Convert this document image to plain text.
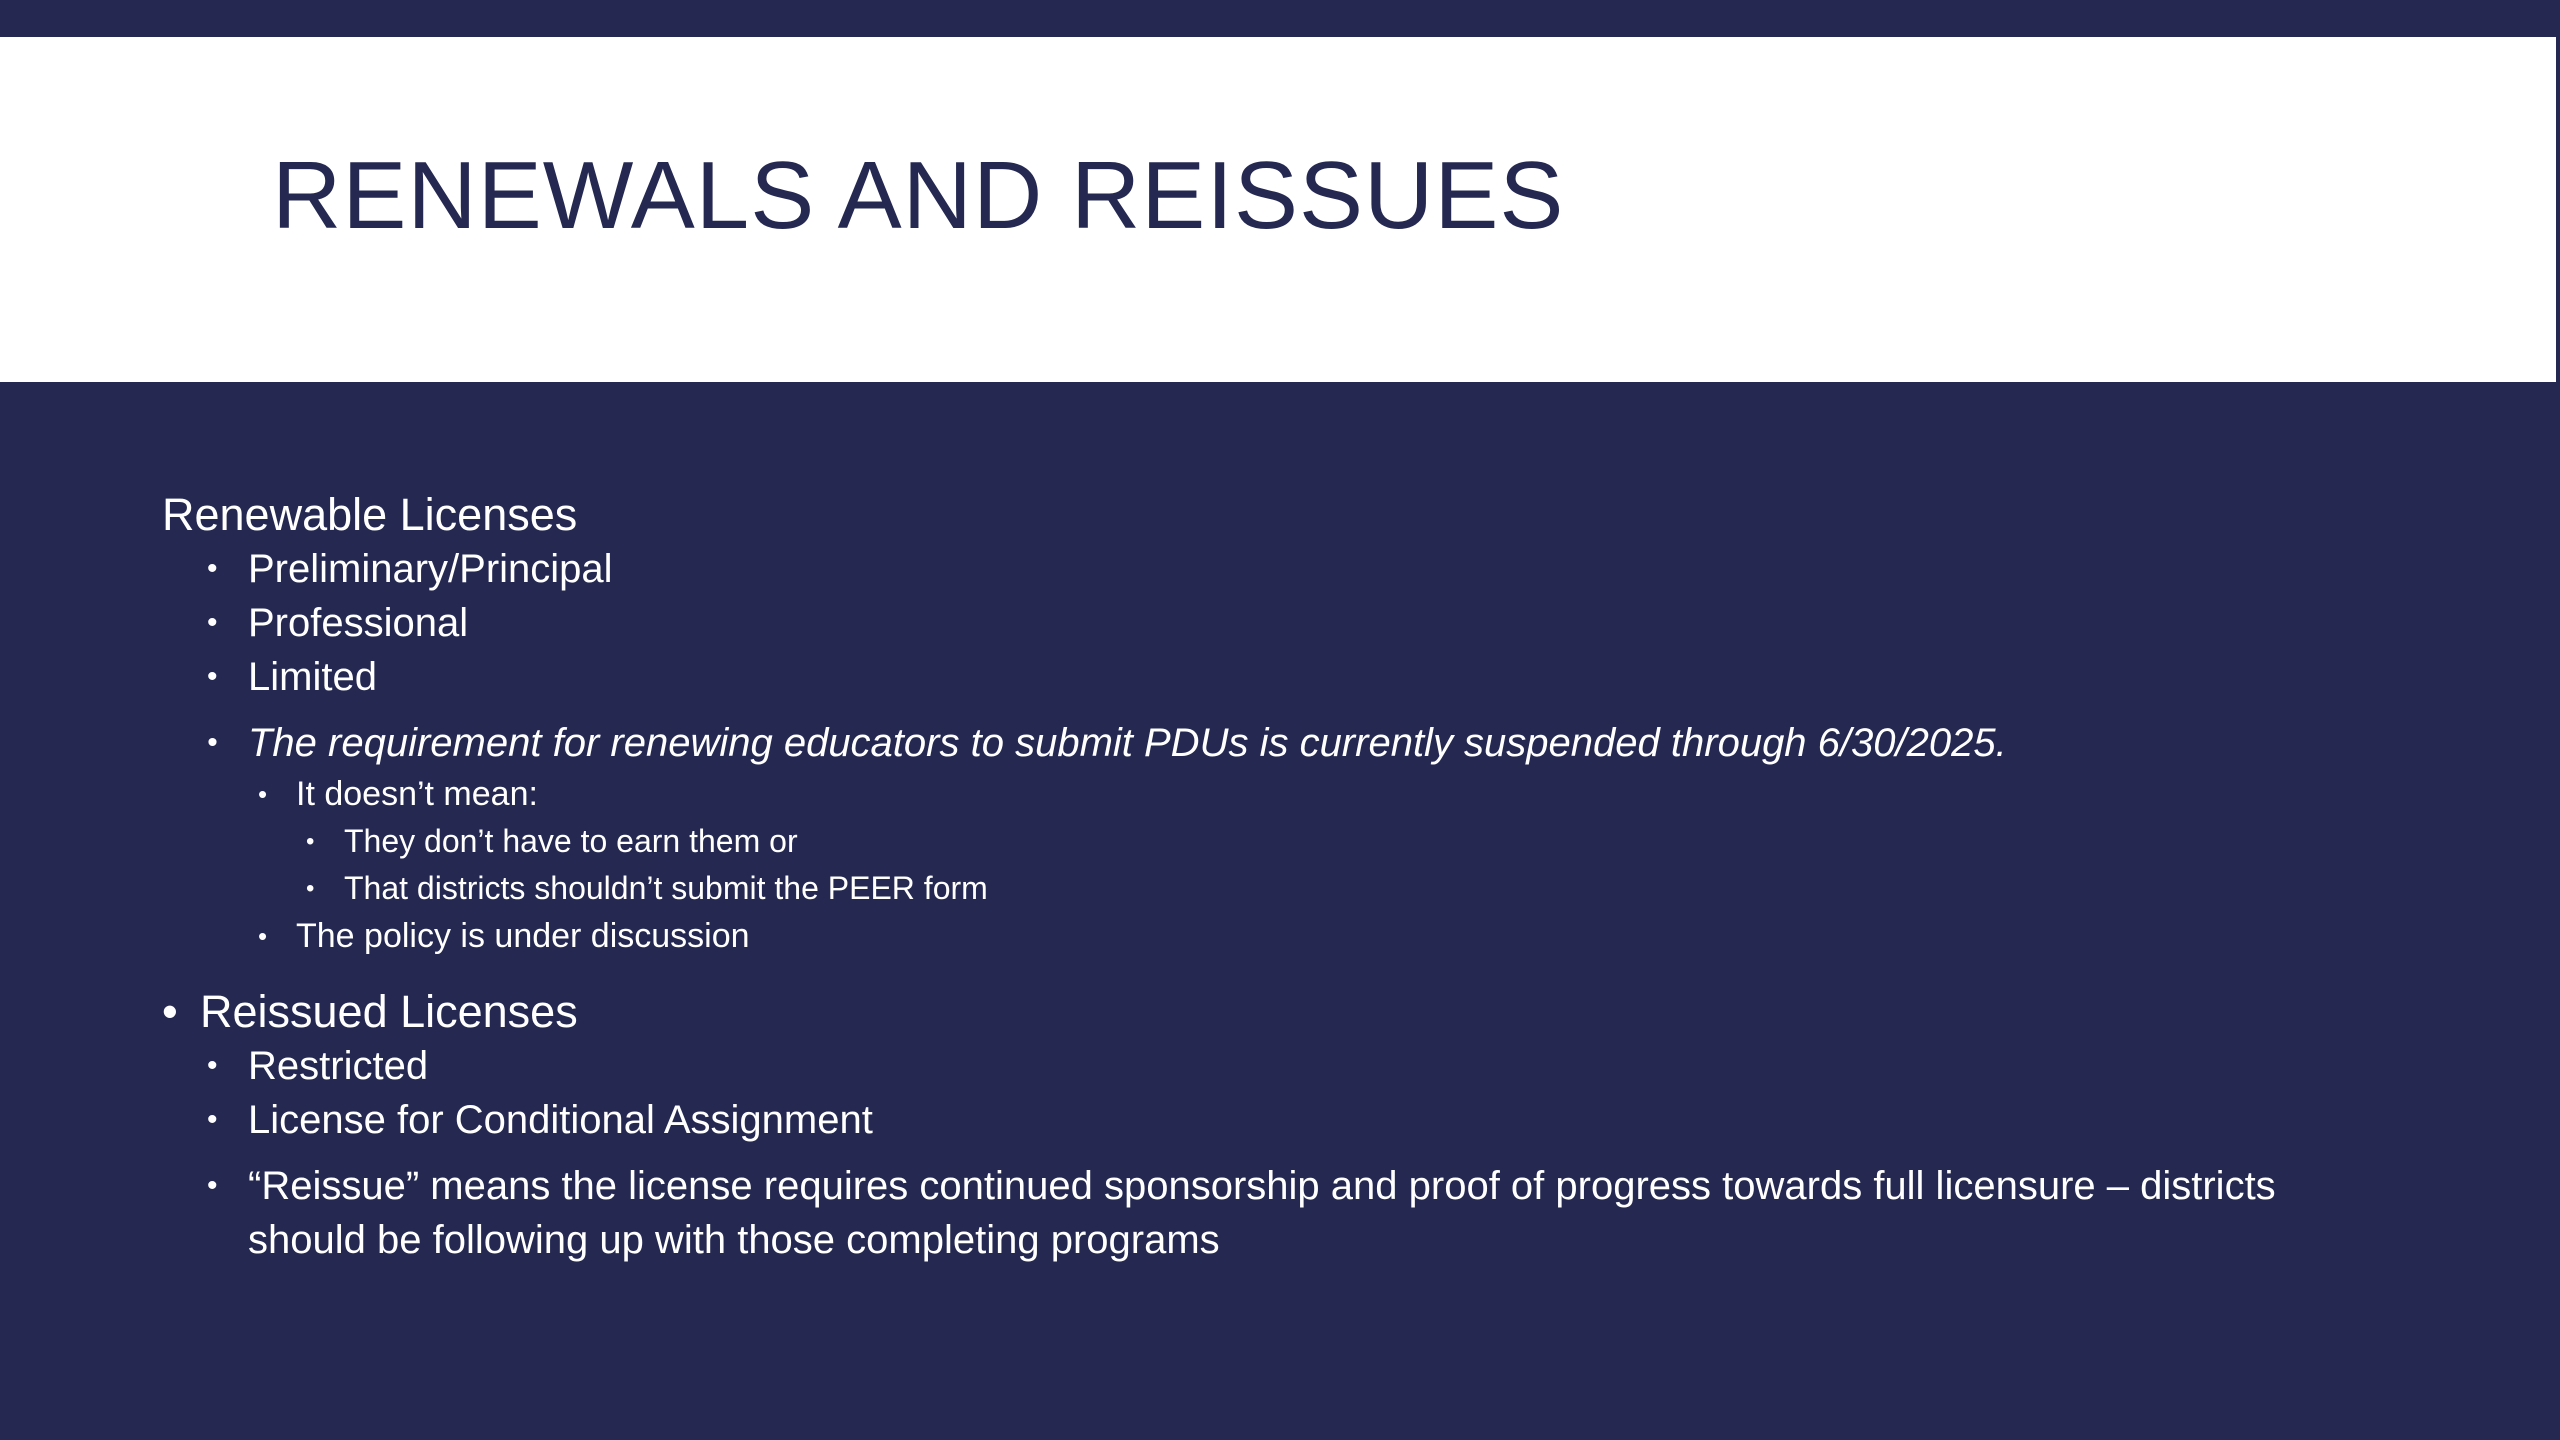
RENEWALS AND REISSUES
Renewable Licenses
• Preliminary/Principal
• Professional
• Limited
• The requirement for renewing educators to submit PDUs is currently suspended through 6/30/2025.
• It doesn’t mean:
• They don’t have to earn them or
• That districts shouldn’t submit the PEER form
• The policy is under discussion
• Reissued Licenses
• Restricted
• License for Conditional Assignment
• “Reissue” means the license requires continued sponsorship and proof of progress towards full licensure – districts should be following up with those completing programs
